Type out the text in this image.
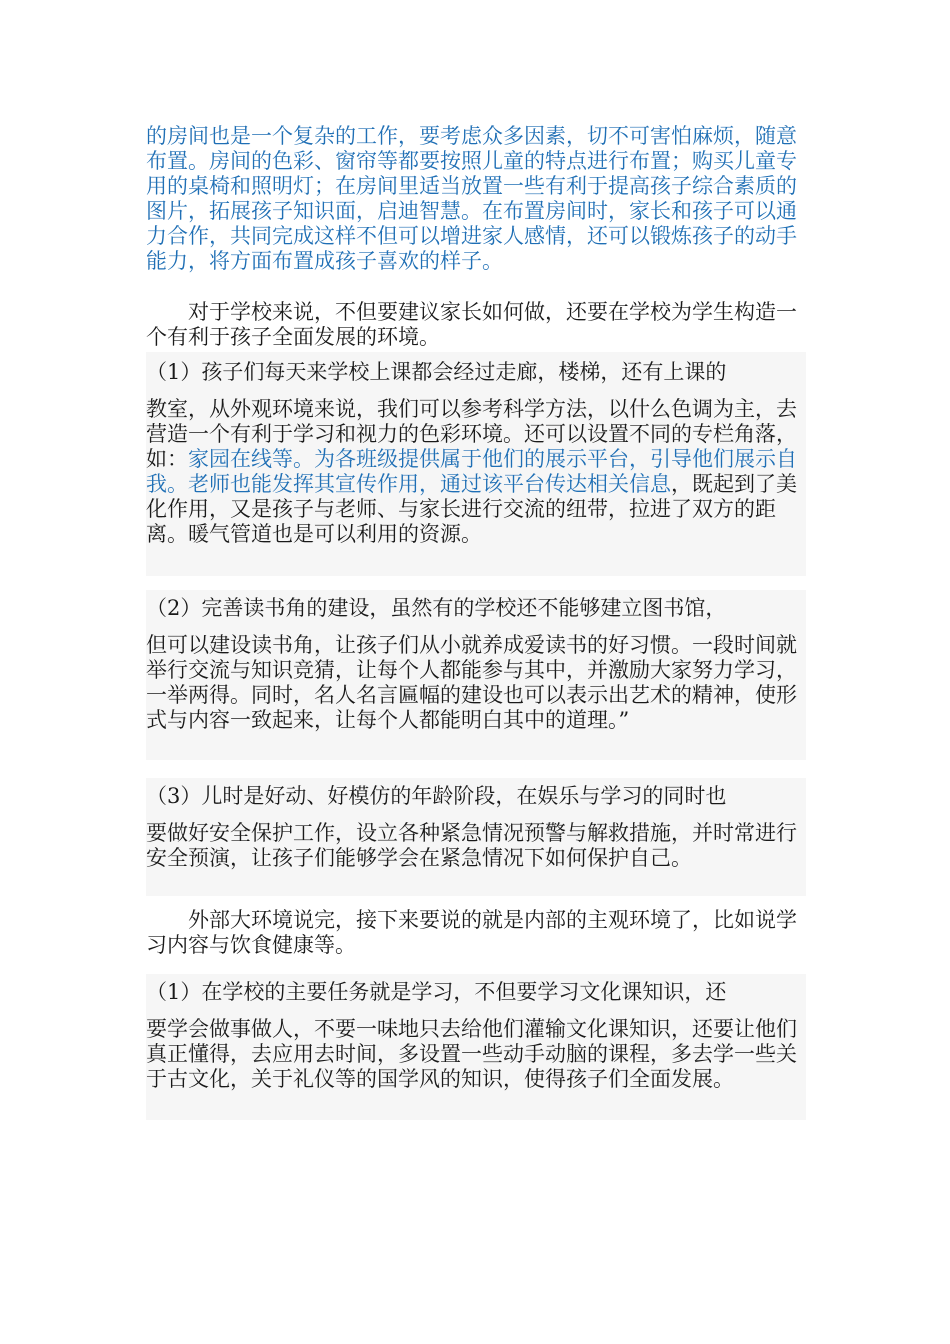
的房间也是一个复杂的工作，要考虑众多因素，切不可害怕麻烦，随意布置。房间的色彩、窗帘等都要按照儿童的特点进行布置；购买儿童专用的桌椅和照明灯；在房间里适当放置一些有利于提高孩子综合素质的图片，拓展孩子知识面，启迪智慧。在布置房间时，家长和孩子可以通力合作，共同完成这样不但可以增进家人感情，还可以锻炼孩子的动手能力，将方面布置成孩子喜欢的样子。

对于学校来说，不但要建议家长如何做，还要在学校为学生构造一个有利于孩子全面发展的环境。

（1）孩子们每天来学校上课都会经过走廊，楼梯，还有上课的

教室，从外观环境来说，我们可以参考科学方法，以什么色调为主，去营造一个有利于学习和视力的色彩环境。还可以设置不同的专栏角落，如：家园在线等。为各班级提供属于他们的展示平台，引导他们展示自我。老师也能发挥其宣传作用，通过该平台传达相关信息，既起到了美化作用，又是孩子与老师、与家长进行交流的纽带，拉进了双方的距离。暖气管道也是可以利用的资源。

（2）完善读书角的建设，虽然有的学校还不能够建立图书馆，

但可以建设读书角，让孩子们从小就养成爱读书的好习惯。一段时间就举行交流与知识竞猜，让每个人都能参与其中，并激励大家努力学习，一举两得。同时，名人名言匾幅的建设也可以表示出艺术的精神，使形式与内容一致起来，让每个人都能明白其中的道理。”

（3）儿时是好动、好模仿的年龄阶段，在娱乐与学习的同时也

要做好安全保护工作，设立各种紧急情况预警与解救措施，并时常进行安全预演，让孩子们能够学会在紧急情况下如何保护自己。

外部大环境说完，接下来要说的就是内部的主观环境了，比如说学习内容与饮食健康等。

（1）在学校的主要任务就是学习，不但要学习文化课知识，还

要学会做事做人，不要一味地只去给他们灌输文化课知识，还要让他们真正懂得，去应用去时间，多设置一些动手动脑的课程，多去学一些关于古文化，关于礼仪等的国学风的知识，使得孩子们全面发展。
